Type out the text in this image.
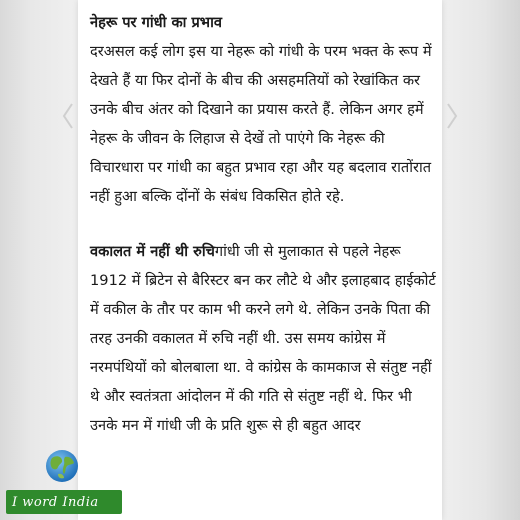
नेहरू पर गांधी का प्रभाव

दरअसल कई लोग इस या नेहरू को गांधी के परम भक्त के रूप में देखते हैं या फिर दोनों के बीच की असहमतियों को रेखांकित कर उनके बीच अंतर को दिखाने का प्रयास करते हैं. लेकिन अगर हमें नेहरू के जीवन के लिहाज से देखें तो पाएंगे कि नेहरू की विचारधारा पर गांधी का बहुत प्रभाव रहा और यह बदलाव रातोंरात नहीं हुआ बल्कि दोंनों के संबंध विकसित होते रहे.

वकालत में नहीं थी रुचिगांधी जी से मुलाकात से पहले नेहरू 1912 में ब्रिटेन से बैरिस्टर बन कर लौटे थे और इलाहबाद हाईकोर्ट में वकील के तौर पर काम भी करने लगे थे. लेकिन उनके पिता की तरह उनकी वकालत में रुचि नहीं थी. उस समय कांग्रेस में नरमपंथियों को बोलबाला था. वे कांग्रेस के कामकाज से संतुष्ट नहीं थे और स्वतंत्रता आंदोलन में की गति से संतुष्ट नहीं थे. फिर भी उनके मन में गांधी जी के प्रति शुरू से ही बहुत आदर

I word India
